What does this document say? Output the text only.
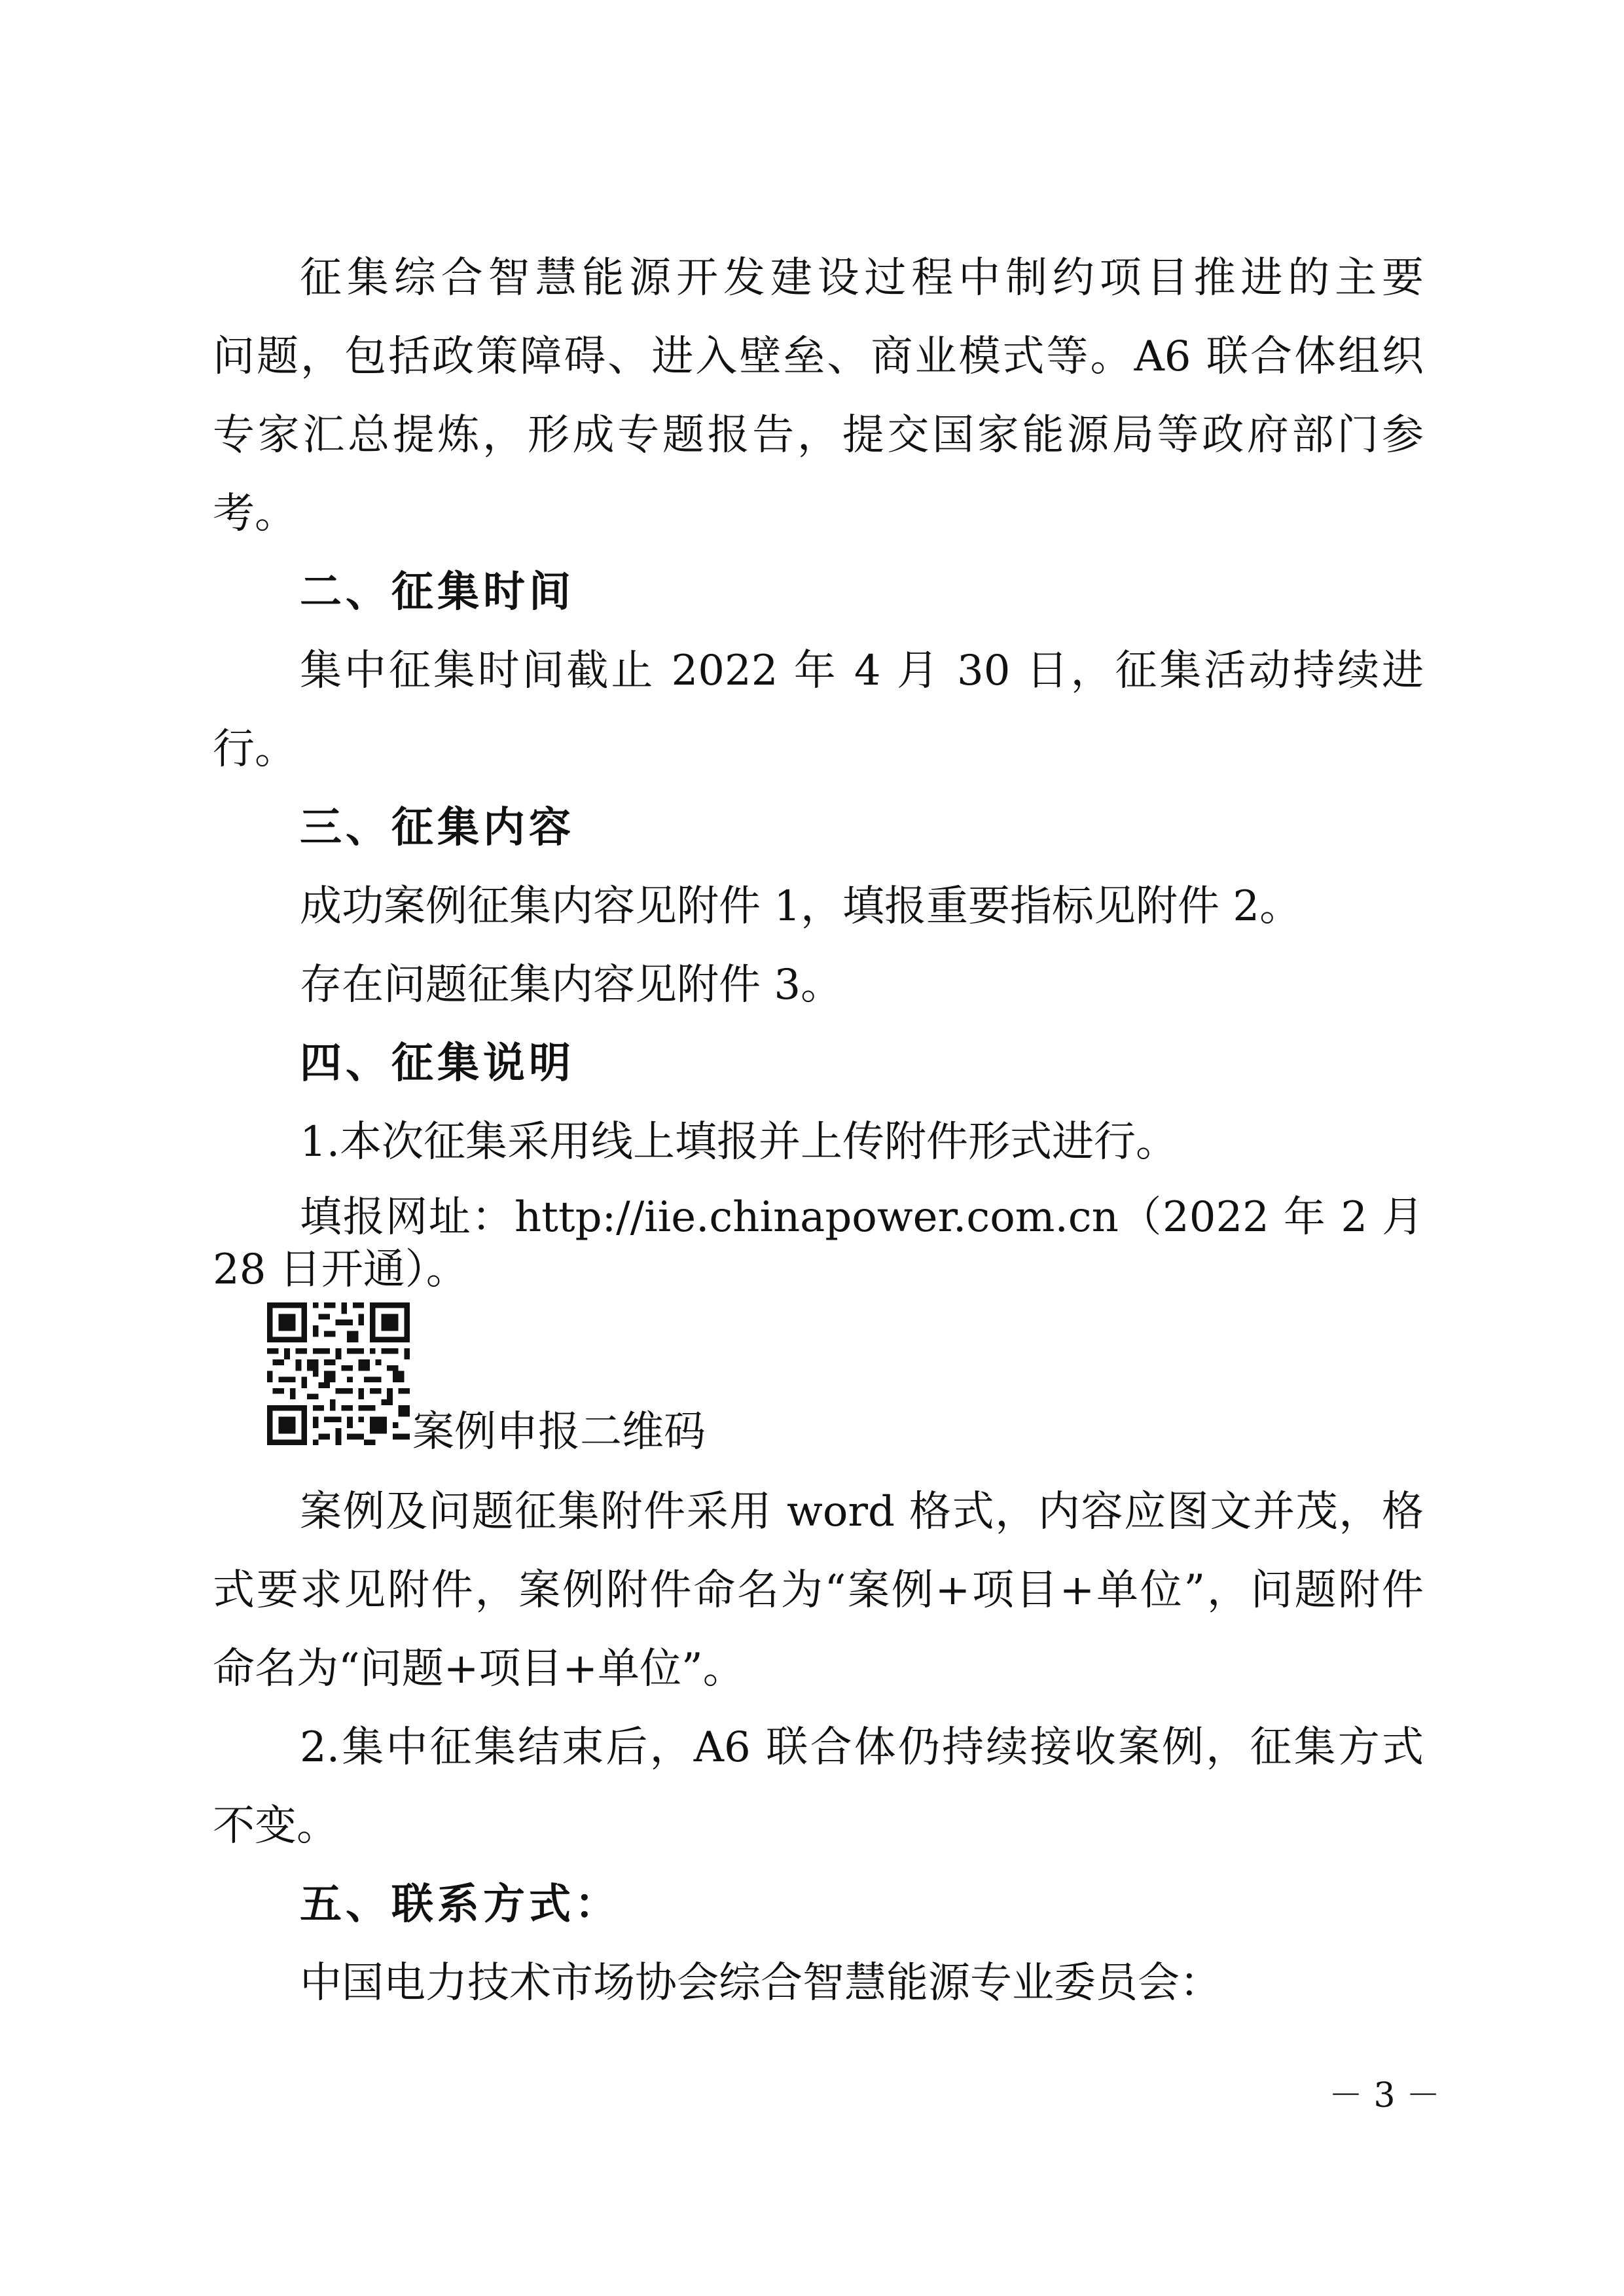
征集综合智慧能源开发建设过程中制约项目推进的主要
问题，包括政策障碍、进入壁垒、商业模式等。A6 联合体组织
专家汇总提炼，形成专题报告，提交国家能源局等政府部门参
考。
二、征集时间
集中征集时间截止 2022 年 4 月 30 日，征集活动持续进
行。
三、征集内容
成功案例征集内容见附件 1，填报重要指标见附件 2。
存在问题征集内容见附件 3。
四、征集说明
1.本次征集采用线上填报并上传附件形式进行。
填报网址：http://iie.chinapower.com.cn（2022 年 2 月
28 日开通）。
案例申报二维码
案例及问题征集附件采用 word 格式，内容应图文并茂，格
式要求见附件，案例附件命名为“案例+项目+单位”，问题附件
命名为“问题+项目+单位”。
2.集中征集结束后，A6 联合体仍持续接收案例，征集方式
不变。
五、联系方式：
中国电力技术市场协会综合智慧能源专业委员会：
－ 3 －
